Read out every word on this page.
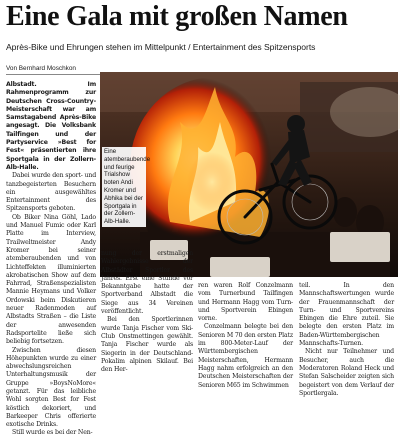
Eine Gala mit großen Namen
Après-Bike und Ehrungen stehen im Mittelpunkt / Entertainment des Spitzensports
Von Bernhard Moschkon

Albstadt. Im Rahmenprogramm zur Deutschen Cross-Country-Meisterschaft war am Samstagabend Après-Bike angesagt. Die Volksbank Tailfingen und der Partyservice »Best for Fest« präsentierten ihre Sportgala in der Zollern-Alb-Halle.

Dabei wurde den sport- und tanzbegeisterten Besuchern ein ausgewähltes Entertainment des Spitzensports geboten.

Ob Biker Nina Göhl, Lado und Manuel Fumic oder Karl Platte im Interview, Trailweltmeister Andy Kromer bei seiner atemberaubenden und von Lichteffekten illuminierten akrobatischen Show auf dem Fahrrad, Straßenspezialisten Mannie Heymans und Volker Ordowski beim Diskutieren neuer Radenmoden auf Albstadts Straßen – die Liste der anwesenden Radsportelite ließe sich beliebig fortsetzen.

Zwischen diesen Höhepunkten wurde zu einer abwechslungsreichen Unterhaltungsmusik der Gruppe »BoysNoMore« getanzt. Für das leibliche Wohl sorgten Best for Fest köstlich dekoriert, und Barkeeper Chris offerierte exotische Drinks.

Still wurde es bei der Nen-

Eine atemberaubende und feurige Trialshow boten Andi Kromer und Abhika bei der Sportgala in der Zollern-Alb-Halle.

nung der erstmaligen Wahlergebnisse der Albstädter Sportler des Jahres. Erst eine Stunde vor Bekanntgabe hatte der Sportverband Albstadt die Siege aus 34 Vereinen veröffentlicht.

Bei den Sportlerinnen wurde Tanja Fischer vom Ski-Club Onstmettingen gewählt. Tanja Fischer wurde als Siegerin in der Deutschland-Pokalim alpinen Skilauf. Bei den Her-

ren waren Rolf Conzelmann vom Turnerbund Tailfingen und Hermann Hagg vom Turn- und Sportverein Ebingen vorne.

Conzelmann belegte bei den Senioren M 70 den ersten Platz im 800-Meter-Lauf der Württembergischen Meisterschaften, Hermann Hagg nahm erfolgreich an den Deutschen Meisterschaften der Senioren M65 im Schwimmen

teil. In den Mannschaftswertungen wurde der Frauenmannschaft der Turn- und Sportvereins Ebingen die Ehre zuteil. Sie belegte den ersten Platz im Baden-Württembergischen Mannschafts-Turnen.

Nicht nur Teilnehmer und Besucher, auch die Moderatoren Roland Heck und Stefan Salscheider zeigten sich begeistert von dem Verlauf der Sportlergala.
